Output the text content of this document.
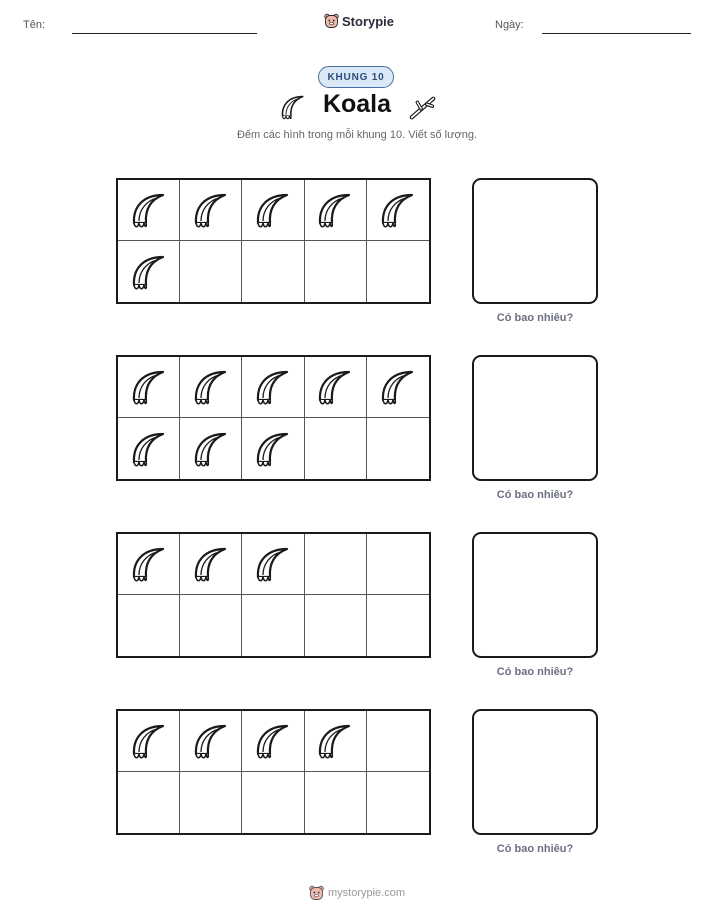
Tên:	Storypie	Ngày:
KHUNG 10
Koala
Đếm các hình trong mỗi khung 10. Viết số lượng.
Có bao nhiêu?
Có bao nhiêu?
Có bao nhiêu?
Có bao nhiêu?
mystorypie.com
